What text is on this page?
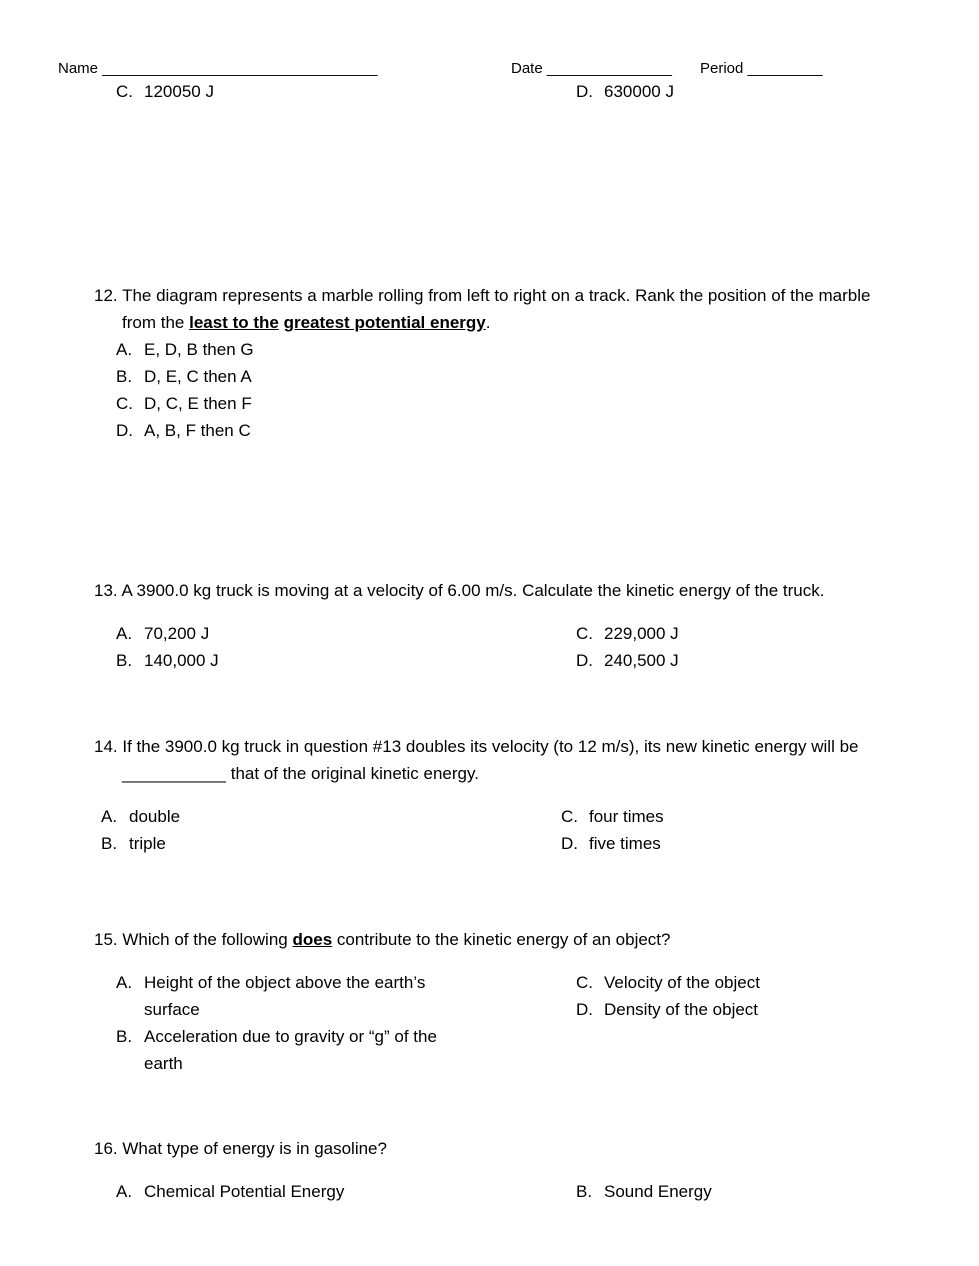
Name _________________________________	Date _______________ Period _________
C. 120050 J	D. 630000 J
12. The diagram represents a marble rolling from left to right on a track. Rank the position of the marble
from the least to the greatest potential energy.
A. E, D, B then G
B. D, E, C then A
C. D, C, E then F
D. A, B, F then C
13. A 3900.0 kg truck is moving at a velocity of 6.00 m/s. Calculate the kinetic energy of the truck.
A. 70,200 J
B. 140,000 J
C. 229,000 J
D. 240,500 J
14. If the 3900.0 kg truck in question #13 doubles its velocity (to 12 m/s), its new kinetic energy will be
___________ that of the original kinetic energy.
A. double
B. triple
C. four times
D. five times
15. Which of the following does contribute to the kinetic energy of an object?
A. Height of the object above the earth’s
surface
B. Acceleration due to gravity or “g” of the
earth
C. Velocity of the object
D. Density of the object
16. What type of energy is in gasoline?
A. Chemical Potential Energy	B. Sound Energy
